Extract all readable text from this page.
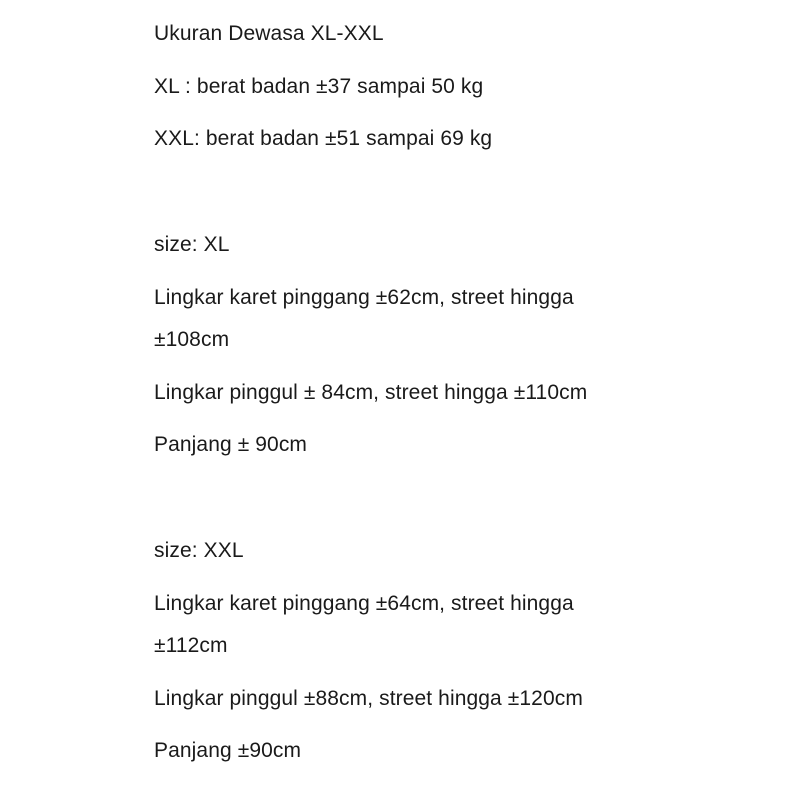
Ukuran Dewasa XL-XXL
XL : berat badan ±37 sampai 50 kg
XXL: berat badan ±51 sampai 69 kg
size: XL
Lingkar karet pinggang ±62cm, street hingga
±108cm
Lingkar pinggul ± 84cm, street hingga ±110cm
Panjang ± 90cm
size: XXL
Lingkar karet pinggang ±64cm, street hingga
±112cm
Lingkar pinggul ±88cm, street hingga ±120cm
Panjang ±90cm
